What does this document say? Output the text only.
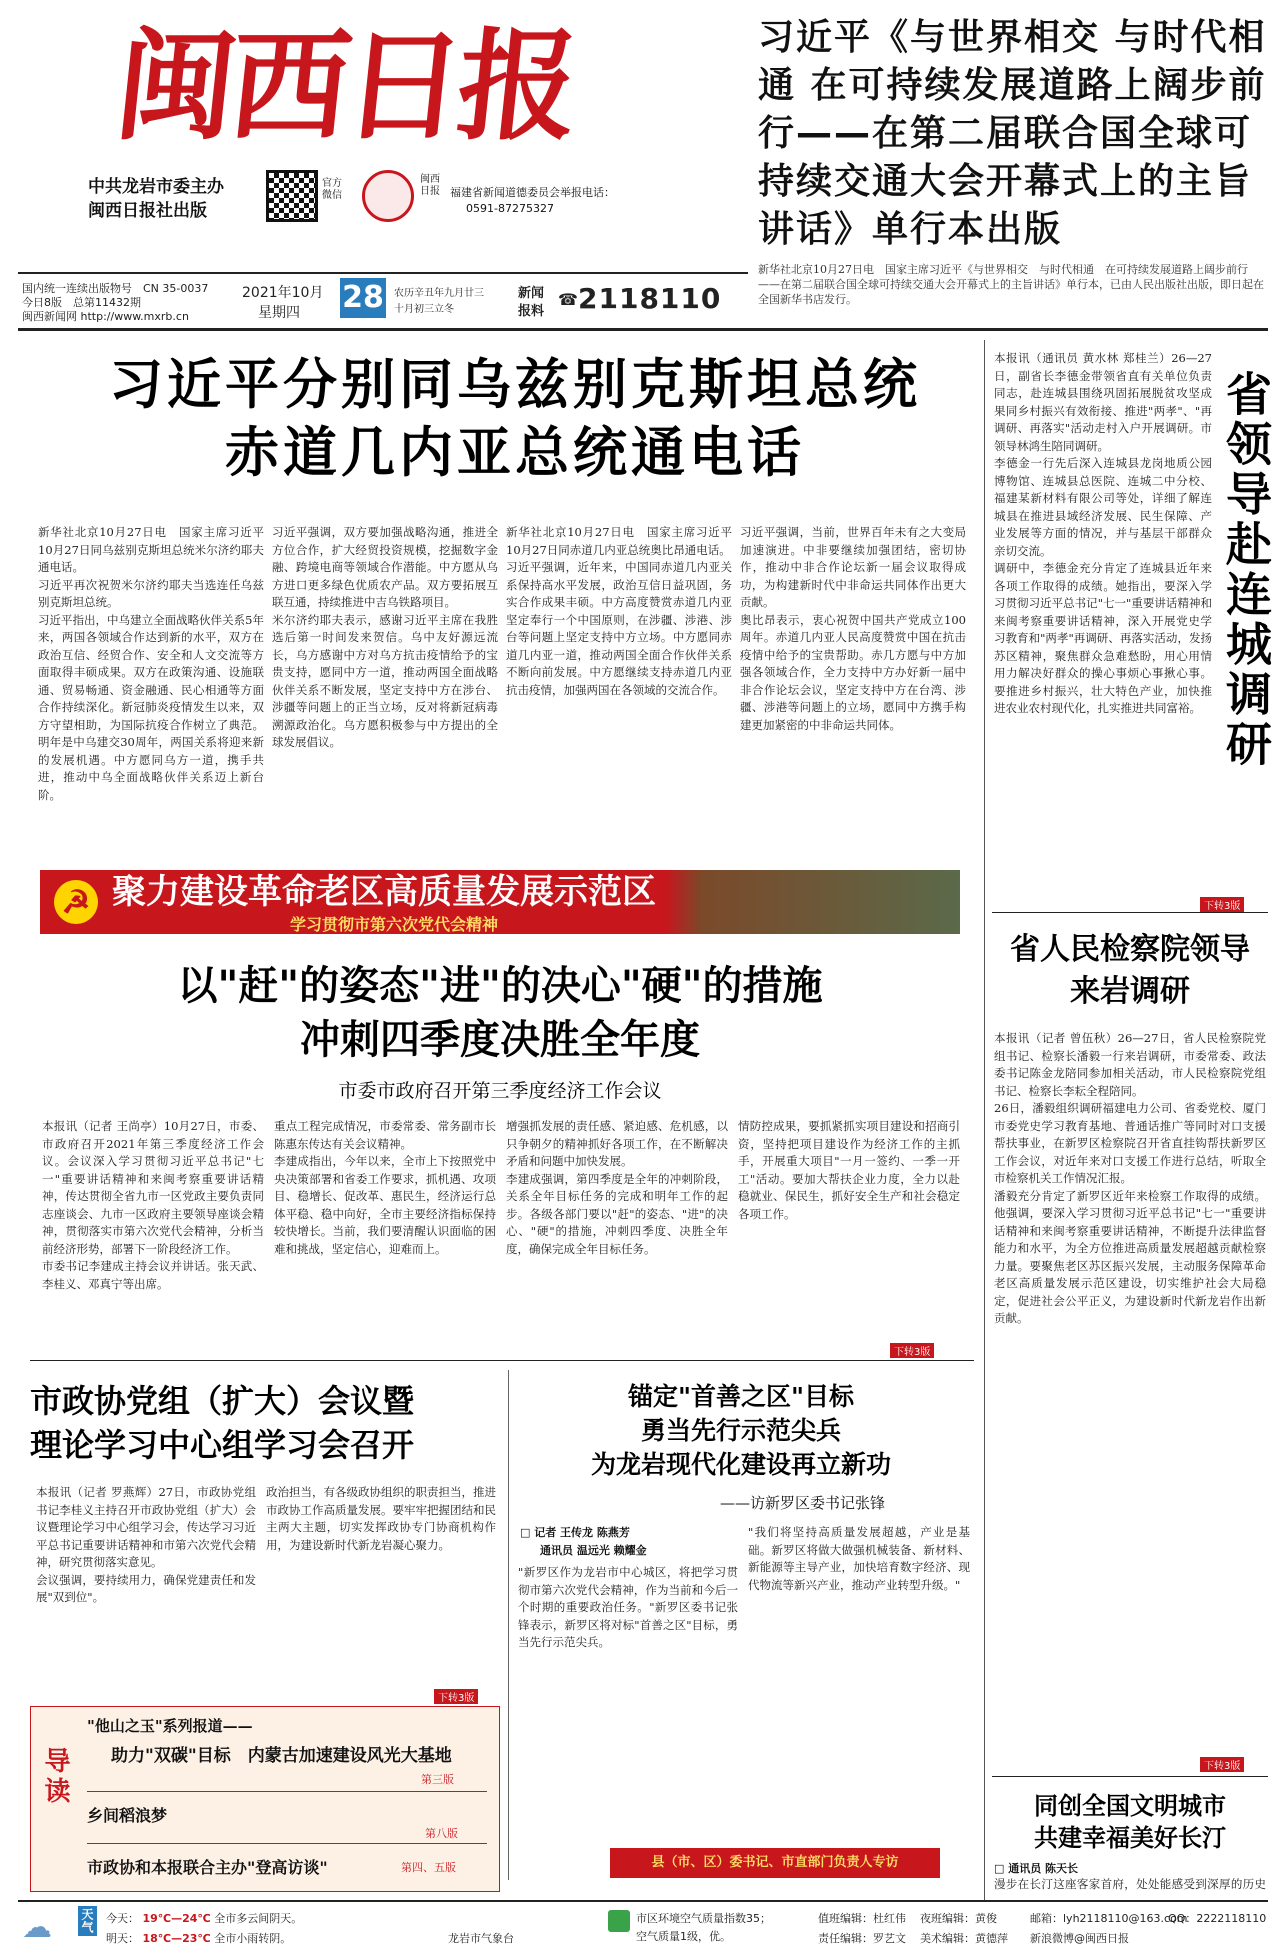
闽西日报
中共龙岩市委主办
闽西日报社出版
官方微信
闽西日报 福建省新闻道德委员会举报电话：
0591-87275327
习近平《与世界相交 与时代相通 在可持续发展道路上阔步前行——在第二届联合国全球可持续交通大会开幕式上的主旨讲话》单行本出版
新华社北京10月27日电　国家主席习近平《与世界相交　与时代相通　在可持续发展道路上阔步前行——在第二届联合国全球可持续交通大会开幕式上的主旨讲话》单行本，已由人民出版社出版，即日起在全国新华书店发行。
国内统一连续出版物号　CN 35-0037
今日8版　总第11432期
闽西新闻网 http://www.mxrb.cn
2021年10月
星期四 28 农历辛丑年九月廿三
十月初三立冬
新闻
报料
☎ 2118110
习近平分别同乌兹别克斯坦总统
赤道几内亚总统通电话
新华社北京10月27日电　国家主席习近平10月27日同乌兹别克斯坦总统米尔济约耶夫通电话。
习近平再次祝贺米尔济约耶夫当选连任乌兹别克斯坦总统。
习近平指出，中乌建立全面战略伙伴关系5年来，两国各领域合作达到新的水平，双方在政治互信、经贸合作、安全和人文交流等方面取得丰硕成果。双方在政策沟通、设施联通、贸易畅通、资金融通、民心相通等方面合作持续深化。新冠肺炎疫情发生以来，双方守望相助，为国际抗疫合作树立了典范。明年是中乌建交30周年，两国关系将迎来新的发展机遇。中方愿同乌方一道，携手共进，推动中乌全面战略伙伴关系迈上新台阶。
习近平强调，双方要加强战略沟通，推进全方位合作，扩大经贸投资规模，挖掘数字金融、跨境电商等领域合作潜能。中方愿从乌方进口更多绿色优质农产品。双方要拓展互联互通，持续推进中吉乌铁路项目。
米尔济约耶夫表示，感谢习近平主席在我胜选后第一时间发来贺信。乌中友好源远流长，乌方感谢中方对乌方抗击疫情给予的宝贵支持，愿同中方一道，推动两国全面战略伙伴关系不断发展，坚定支持中方在涉台、涉疆等问题上的正当立场，反对将新冠病毒溯源政治化。乌方愿积极参与中方提出的全球发展倡议。
新华社北京10月27日电　国家主席习近平10月27日同赤道几内亚总统奥比昂通电话。
习近平强调，近年来，中国同赤道几内亚关系保持高水平发展，政治互信日益巩固，务实合作成果丰硕。中方高度赞赏赤道几内亚坚定奉行一个中国原则，在涉疆、涉港、涉台等问题上坚定支持中方立场。中方愿同赤道几内亚一道，推动两国全面合作伙伴关系不断向前发展。中方愿继续支持赤道几内亚抗击疫情，加强两国在各领域的交流合作。
习近平强调，当前，世界百年未有之大变局加速演进。中非要继续加强团结，密切协作，推动中非合作论坛新一届会议取得成功，为构建新时代中非命运共同体作出更大贡献。
奥比昂表示，衷心祝贺中国共产党成立100周年。赤道几内亚人民高度赞赏中国在抗击疫情中给予的宝贵帮助。赤几方愿与中方加强各领域合作，全力支持中方办好新一届中非合作论坛会议，坚定支持中方在台湾、涉疆、涉港等问题上的立场，愿同中方携手构建更加紧密的中非命运共同体。	省领导赴连城调研
本报讯（通讯员 黄水林 郑桂兰）26—27日，副省长李德金带领省直有关单位负责同志，赴连城县围绕巩固拓展脱贫攻坚成果同乡村振兴有效衔接、推进"两孝"、"再调研、再落实"活动走村入户开展调研。市领导林鸿生陪同调研。
李德金一行先后深入连城县龙岗地质公园博物馆、连城县总医院、连城二中分校、福建某新材料有限公司等处，详细了解连城县在推进县域经济发展、民生保障、产业发展等方面的情况，并与基层干部群众亲切交流。
调研中，李德金充分肯定了连城县近年来各项工作取得的成绩。她指出，要深入学习贯彻习近平总书记"七一"重要讲话精神和来闽考察重要讲话精神，深入开展党史学习教育和"两孝"再调研、再落实活动，发扬苏区精神，聚焦群众急难愁盼，用心用情用力解决好群众的操心事烦心事揪心事。要推进乡村振兴，壮大特色产业，加快推进农业农村现代化，扎实推进共同富裕。
下转3版
省人民检察院领导
来岩调研
本报讯（记者 曾伍秋）26—27日，省人民检察院党组书记、检察长潘毅一行来岩调研，市委常委、政法委书记陈金龙陪同参加相关活动，市人民检察院党组书记、检察长李耘全程陪同。
26日，潘毅组织调研福建电力公司、省委党校、厦门市委党史学习教育基地、普通话推广等同时对口支援帮扶事业，在新罗区检察院召开省直挂钩帮扶新罗区工作会议，对近年来对口支援工作进行总结，听取全市检察机关工作情况汇报。
潘毅充分肯定了新罗区近年来检察工作取得的成绩。他强调，要深入学习贯彻习近平总书记"七一"重要讲话精神和来闽考察重要讲话精神，不断提升法律监督能力和水平，为全方位推进高质量发展超越贡献检察力量。要聚焦老区苏区振兴发展，主动服务保障革命老区高质量发展示范区建设，切实维护社会大局稳定，促进社会公平正义，为建设新时代新龙岩作出新贡献。
下转3版
同创全国文明城市
共建幸福美好长汀
☭ 聚力建设革命老区高质量发展示范区
学习贯彻市第六次党代会精神
以"赶"的姿态"进"的决心"硬"的措施
冲刺四季度决胜全年度
市委市政府召开第三季度经济工作会议
本报讯（记者 王尚亭）10月27日，市委、市政府召开2021年第三季度经济工作会议。会议深入学习贯彻习近平总书记"七一"重要讲话精神和来闽考察重要讲话精神，传达贯彻全省九市一区党政主要负责同志座谈会、九市一区政府主要领导座谈会精神，贯彻落实市第六次党代会精神，分析当前经济形势，部署下一阶段经济工作。
市委书记李建成主持会议并讲话。张天武、李桂义、邓真宁等出席。
重点工程完成情况，市委常委、常务副市长陈惠东传达有关会议精神。
李建成指出，今年以来，全市上下按照党中央决策部署和省委工作要求，抓机遇、攻项目、稳增长、促改革、惠民生，经济运行总体平稳、稳中向好，全市主要经济指标保持较快增长。当前，我们要清醒认识面临的困难和挑战，坚定信心，迎难而上。
增强抓发展的责任感、紧迫感、危机感，以只争朝夕的精神抓好各项工作，在不断解决矛盾和问题中加快发展。
李建成强调，第四季度是全年的冲刺阶段，关系全年目标任务的完成和明年工作的起步。各级各部门要以"赶"的姿态、"进"的决心、"硬"的措施，冲刺四季度、决胜全年度，确保完成全年目标任务。
情防控成果，要抓紧抓实项目建设和招商引资，坚持把项目建设作为经济工作的主抓手，开展重大项目"一月一签约、一季一开工"活动。要加大帮扶企业力度，全力以赴稳就业、保民生，抓好安全生产和社会稳定各项工作。
下转3版
市政协党组（扩大）会议暨
理论学习中心组学习会召开
本报讯（记者 罗燕辉）27日，市政协党组书记李桂义主持召开市政协党组（扩大）会议暨理论学习中心组学习会，传达学习习近平总书记重要讲话精神和市第六次党代会精神，研究贯彻落实意见。
会议强调，要持续用力，确保党建责任和发展"双到位"。
政治担当，有各级政协组织的职责担当，推进市政协工作高质量发展。要牢牢把握团结和民主两大主题，切实发挥政协专门协商机构作用，为建设新时代新龙岩凝心聚力。
下转3版
导读
"他山之玉"系列报道——
助力"双碳"目标　内蒙古加速建设风光大基地
第三版
乡间稻浪梦
第八版
市政协和本报联合主办"登高访谈"	第四、五版
锚定"首善之区"目标
勇当先行示范尖兵
为龙岩现代化建设再立新功
——访新罗区委书记张锋
□ 记者 王传龙 陈燕芳
通讯员 温远光 赖耀金
"新罗区作为龙岩市中心城区，将把学习贯彻市第六次党代会精神，作为当前和今后一个时期的重要政治任务。"新罗区委书记张锋表示，新罗区将对标"首善之区"目标，勇当先行示范尖兵。
"我们将坚持高质量发展超越，产业是基础。新罗区将做大做强机械装备、新材料、新能源等主导产业，加快培育数字经济、现代物流等新兴产业，推动产业转型升级。"
县（市、区）委书记、市直部门负责人专访	□ 通讯员 陈天长
漫步在长汀这座客家首府，处处能感受到深厚的历史

☁ 天气 今天： 19℃—24℃ 全市多云间阴天。
明天： 18℃—23℃ 全市小雨转阴。	龙岩市气象台
市区环境空气质量指数35；
空气质量1级，优。
值班编辑：杜红伟 夜班编辑：黄俊
责任编辑：罗艺文 美术编辑：黄德萍
邮箱：lyh2118110@163.com
QQ：2222118110
新浪微博@闽西日报
